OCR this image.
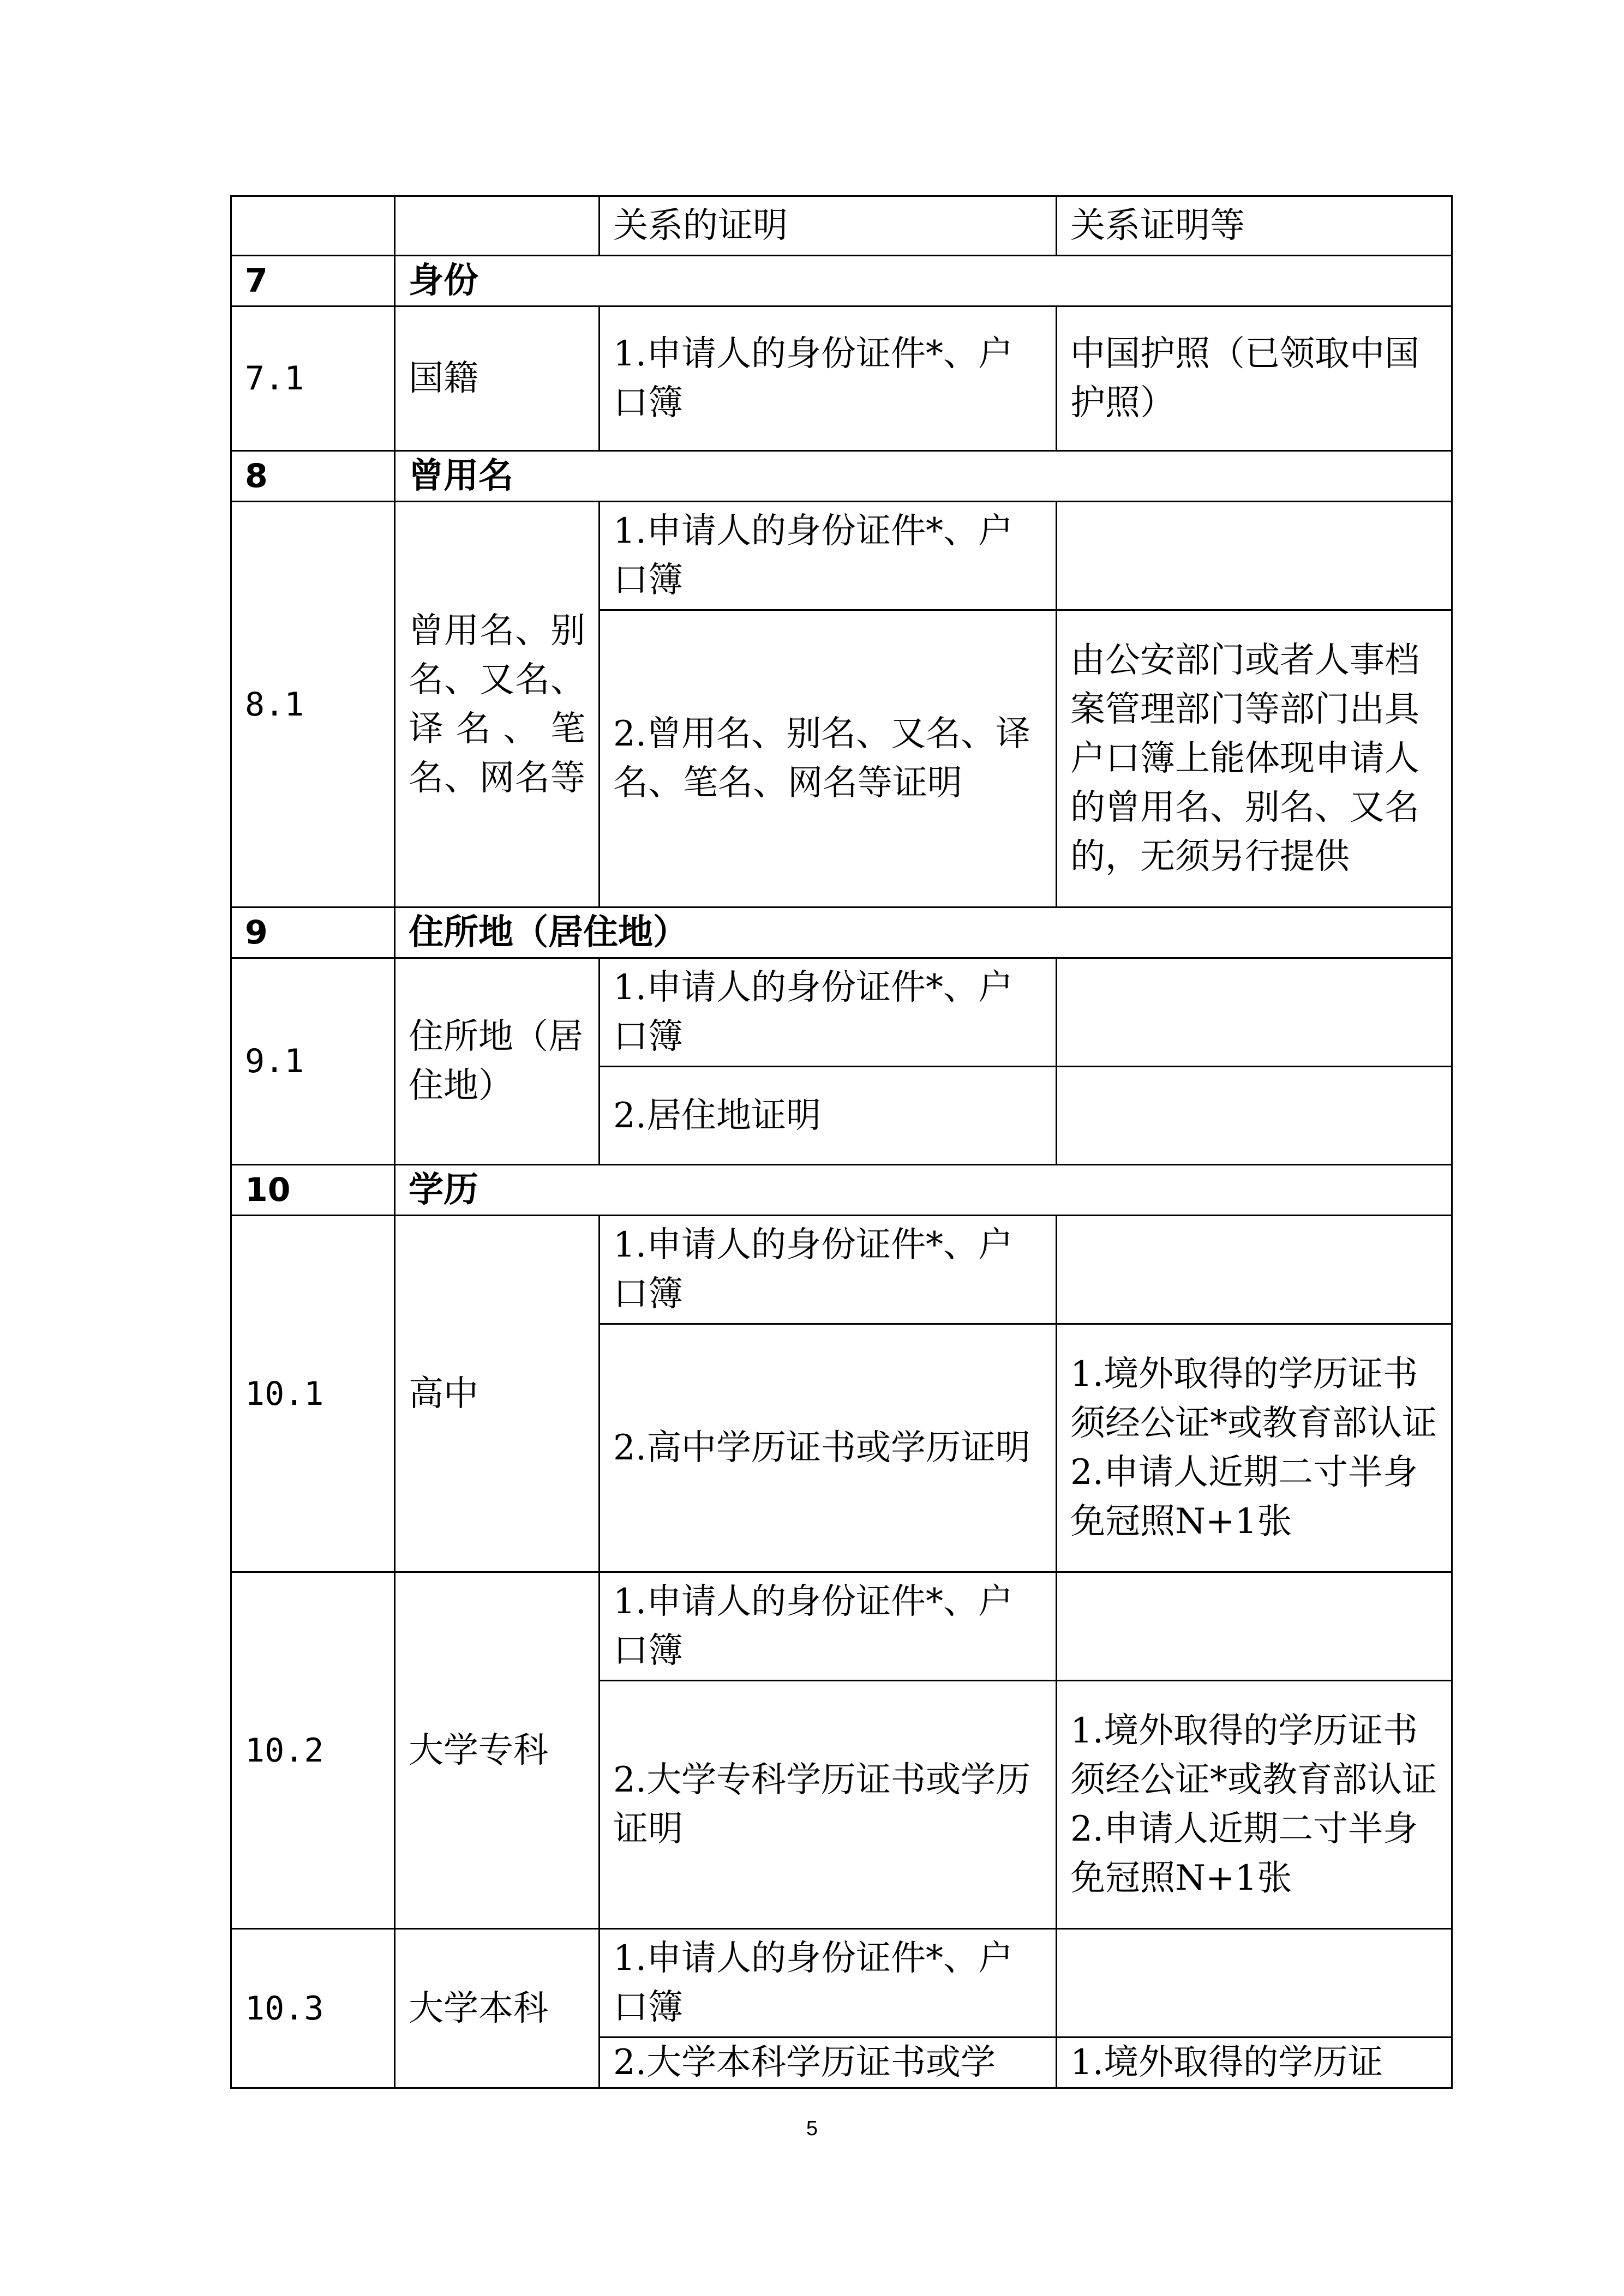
		关系的证明	关系证明等
7	身份		
7.1	国籍	1.申请人的身份证件*、户口簿	中国护照（已领取中国护照）
8	曾用名		
8.1	曾用名、别名、又名、译名、笔名、网名等	1.申请人的身份证件*、户口簿	
		2.曾用名、别名、又名、译名、笔名、网名等证明	由公安部门或者人事档案管理部门等部门出具
户口簿上能体现申请人的曾用名、别名、又名的，无须另行提供

9	住所地（居住地）		
9.1	住所地（居住地）	1.申请人的身份证件*、户口簿	
		2.居住地证明	
10	学历		
10.1	高中	1.申请人的身份证件*、户口簿	
		2.高中学历证书或学历证明	1.境外取得的学历证书须经公证*或教育部认证
2.申请人近期二寸半身免冠照N+1张

10.2	大学专科	1.申请人的身份证件*、户口簿	
		2.大学专科学历证书或学历证明	1.境外取得的学历证书须经公证*或教育部认证
2.申请人近期二寸半身免冠照N+1张

10.3	大学本科	1.申请人的身份证件*、户口簿	
		2.大学本科学历证书或学	1.境外取得的学历证
5
